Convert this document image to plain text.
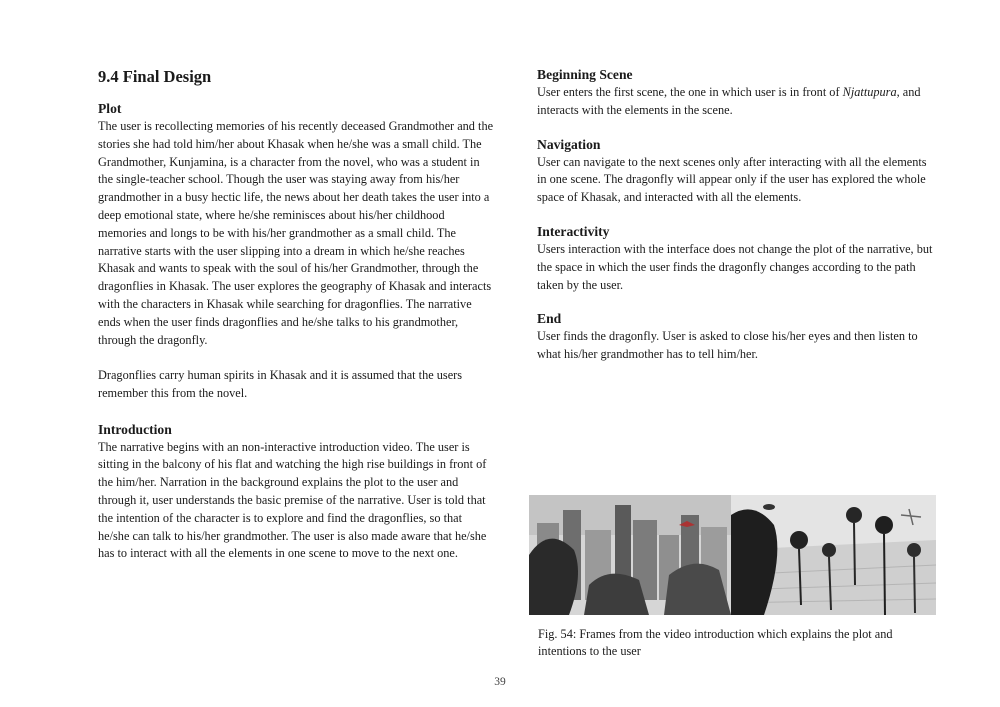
9.4 Final Design
Plot

The user is recollecting memories of his recently deceased Grandmother and the stories she had told him/her about Khasak when he/she was a small child. The Grandmother, Kunjamina, is a character from the novel, who was a student in the single-teacher school. Though the user was staying away from his/her grandmother in a busy hectic life, the news about her death takes the user into a deep emotional state, where he/she reminisces about his/her childhood memories and longs to be with his/her grandmother as a small child. The narrative starts with the user slipping into a dream in which he/she reaches Khasak and wants to speak with the soul of his/her Grandmother, through the dragonflies in Khasak. The user explores the geography of Khasak and interacts with the characters in Khasak while searching for dragonflies. The narrative ends when the user finds dragonflies and he/she talks to his grandmother, through the dragonfly.

Dragonflies carry human spirits in Khasak and it is assumed that the users remember this from the novel.

Introduction

The narrative begins with an non-interactive introduction video. The user is sitting in the balcony of his flat and watching the high rise buildings in front of the him/her. Narration in the background explains the plot to the user and through it, user understands the basic premise of the narrative. User is told that the intention of the character is to explore and find the dragonflies, so that he/she can talk to his/her grandmother. The user is also made aware that he/she has to interact with all the elements in one scene to move to the next one.

Beginning Scene

User enters the first scene, the one in which user is in front of Njattupura, and interacts with the elements in the scene.

Navigation

User can navigate to the next scenes only after interacting with all the elements in one scene. The dragonfly will appear only if the user has explored the whole space of Khasak, and interacted with all the elements.

Interactivity

Users interaction with the interface does not change the plot of the narrative, but the space in which the user finds the dragonfly changes according to the path taken by the user.

End

User finds the dragonfly. User is asked to close his/her eyes and then listen to what his/her grandmother has to tell him/her.

Fig. 54: Frames from the video introduction which explains the plot and intentions to the user
39
